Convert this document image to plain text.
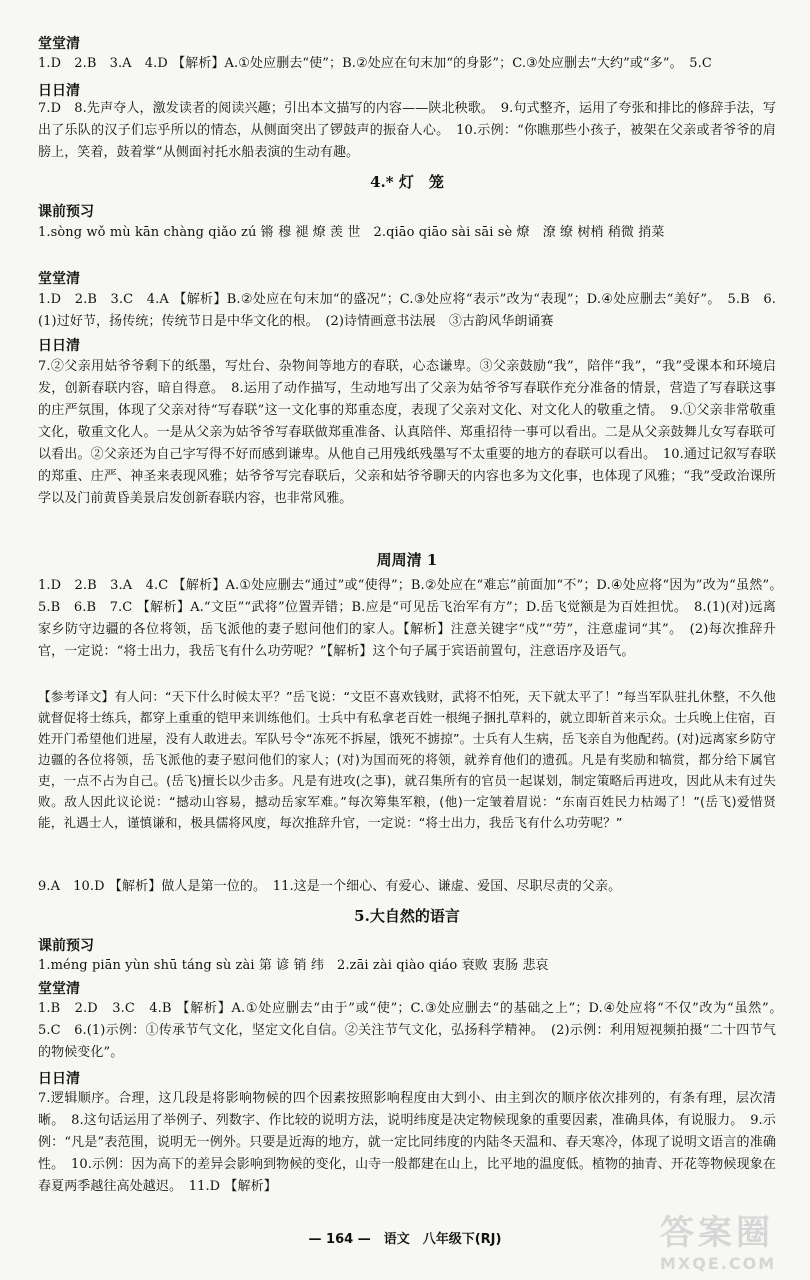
堂堂清

1.D　2.B　3.A　4.D 【解析】A.①处应删去“使”；B.②处应在句末加“的身影”；C.③处应删去“大约”或“多”。　5.C

日日清

7.D　8.先声夺人，激发读者的阅读兴趣；引出本文描写的内容——陕北秧歌。　9.句式整齐，运用了夸张和排比的修辞手法，写出了乐队的汉子们忘乎所以的情态，从侧面突出了锣鼓声的振奋人心。　10.示例：“你瞧那些小孩子，被架在父亲或者爷爷的肩膀上，笑着，鼓着掌”从侧面衬托水船表演的生动有趣。

4.* 灯　笼
课前预习

1.sòng wǒ mù kān chàng qiǎo zú 锵 穆 褪 燎 羡 世　2.qiāo qiāo sài sāi sè 燎　潦 缭 树梢 稍微 捎菜

堂堂清

1.D　2.B　3.C　4.A 【解析】B.②处应在句末加“的盛况”；C.③处应将“表示”改为“表现”；D.④处应删去“美好”。　5.B　6.(1)过好节，扬传统；传统节日是中华文化的根。　(2)诗情画意书法展　③古韵风华朗诵赛

日日清

7.②父亲用姑爷爷剩下的纸墨，写灶台、杂物间等地方的春联，心态谦卑。③父亲鼓励“我”，陪伴“我”，“我”受课本和环境启发，创新春联内容，暗自得意。　8.运用了动作描写，生动地写出了父亲为姑爷爷写春联作充分准备的情景，营造了写春联这事的庄严氛围，体现了父亲对待“写春联”这一文化事的郑重态度，表现了父亲对文化、对文化人的敬重之情。　9.①父亲非常敬重文化，敬重文化人。一是从父亲为姑爷爷写春联做郑重准备、认真陪伴、郑重招待一事可以看出。二是从父亲鼓舞儿女写春联可以看出。②父亲还为自己字写得不好而感到谦卑。从他自己用残纸残墨写不太重要的地方的春联可以看出。　10.通过记叙写春联的郑重、庄严、神圣来表现风雅；姑爷爷写完春联后，父亲和姑爷爷聊天的内容也多为文化事，也体现了风雅；“我”受政治课所学以及门前黄昏美景启发创新春联内容，也非常风雅。

周周清 1

1.D　2.B　3.A　4.C 【解析】A.①处应删去“通过”或“使得”；B.②处应在“难忘”前面加“不”；D.④处应将“因为”改为“虽然”。　5.B　6.B　7.C 【解析】A.“文臣”“武将”位置弄错；B.应是“可见岳飞治军有方”；D.岳飞觉额是为百姓担忧。　8.(1)(对)远离家乡防守边疆的各位将领，岳飞派他的妻子慰问他们的家人。【解析】注意关键字“戍”“劳”，注意虚词“其”。　(2)每次推辞升官，一定说：“将士出力，我岳飞有什么功劳呢？”【解析】这个句子属于宾语前置句，注意语序及语气。

【参考译文】有人问：“天下什么时候太平？”岳飞说：“文臣不喜欢钱财，武将不怕死，天下就太平了！”每当军队驻扎休整，不久他就督促将士练兵，都穿上重重的铠甲来训练他们。士兵中有私拿老百姓一根绳子捆扎草料的，就立即斩首来示众。士兵晚上住宿，百姓开门希望他们进屋，没有人敢进去。军队号令“冻死不拆屋，饿死不掳掠”。士兵有人生病，岳飞亲自为他配药。(对)远离家乡防守边疆的各位将领，岳飞派他的妻子慰问他们的家人；(对)为国而死的将领，就养育他们的遗孤。凡是有奖励和犒赏，都分给下属官吏，一点不占为自己。(岳飞)擅长以少击多。凡是有进攻(之事)，就召集所有的官员一起谋划，制定策略后再进攻，因此从未有过失败。敌人因此议论说：“撼动山容易，撼动岳家军难。”每次筹集军粮，(他)一定皱着眉说：“东南百姓民力枯竭了！”(岳飞)爱惜贤能，礼遇士人，谨慎谦和，极具儒将风度，每次推辞升官，一定说：“将士出力，我岳飞有什么功劳呢？”

9.A　10.D 【解析】做人是第一位的。　11.这是一个细心、有爱心、谦虚、爱国、尽职尽责的父亲。

5.大自然的语言
课前预习

1.méng piān yùn shū táng sù zài 第 谚 销 纬　2.zāi zài qiào qiáo 衰败 衷肠 悲哀

堂堂清

1.B　2.D　3.C　4.B 【解析】A.①处应删去“由于”或“使”；C.③处应删去“的基础之上”；D.④处应将“不仅”改为“虽然”。　5.C　6.(1)示例：①传承节气文化，坚定文化自信。②关注节气文化，弘扬科学精神。　(2)示例：利用短视频拍摄“二十四节气的物候变化”。

日日清

7.逻辑顺序。合理，这几段是将影响物候的四个因素按照影响程度由大到小、由主到次的顺序依次排列的，有条有理，层次清晰。　8.这句话运用了举例子、列数字、作比较的说明方法，说明纬度是决定物候现象的重要因素，准确具体，有说服力。　9.示例：“凡是”表范围，说明无一例外。只要是近海的地方，就一定比同纬度的内陆冬天温和、春天寒冷，体现了说明文语言的准确性。　10.示例：因为高下的差异会影响到物候的变化，山寺一般都建在山上，比平地的温度低。植物的抽青、开花等物候现象在春夏两季越往高处越迟。　11.D 【解析】

— 164 —　语文　八年级下(RJ)	答案圈
MXQE.COM
